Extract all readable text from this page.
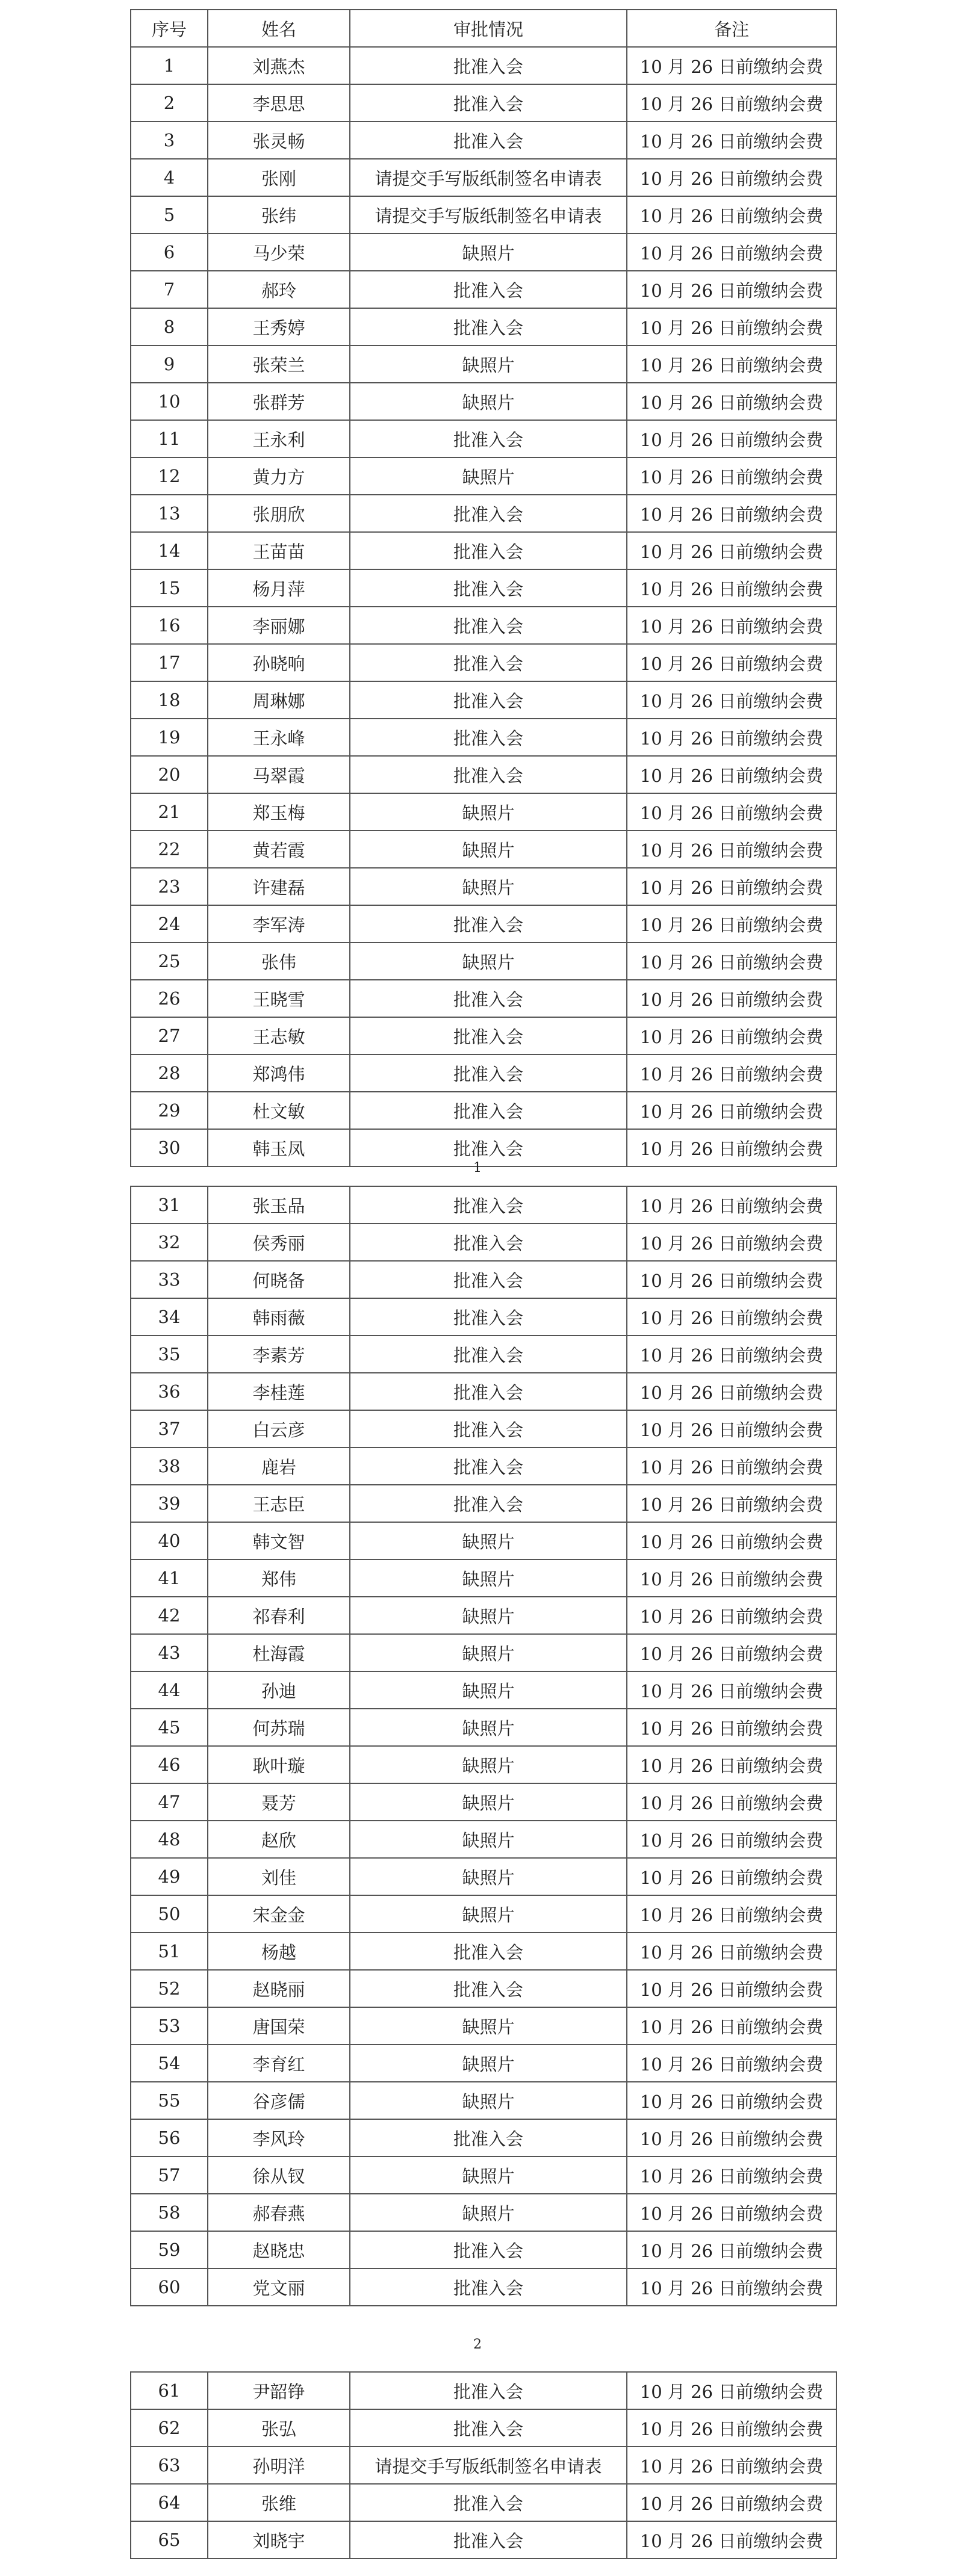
序号	姓名	审批情况	备注
1	刘燕杰	批准入会	10 月 26 日前缴纳会费
2	李思思	批准入会	10 月 26 日前缴纳会费
3	张灵畅	批准入会	10 月 26 日前缴纳会费
4	张刚	请提交手写版纸制签名申请表	10 月 26 日前缴纳会费
5	张纬	请提交手写版纸制签名申请表	10 月 26 日前缴纳会费
6	马少荣	缺照片	10 月 26 日前缴纳会费
7	郝玲	批准入会	10 月 26 日前缴纳会费
8	王秀婷	批准入会	10 月 26 日前缴纳会费
9	张荣兰	缺照片	10 月 26 日前缴纳会费
10	张群芳	缺照片	10 月 26 日前缴纳会费
11	王永利	批准入会	10 月 26 日前缴纳会费
12	黄力方	缺照片	10 月 26 日前缴纳会费
13	张朋欣	批准入会	10 月 26 日前缴纳会费
14	王苗苗	批准入会	10 月 26 日前缴纳会费
15	杨月萍	批准入会	10 月 26 日前缴纳会费
16	李丽娜	批准入会	10 月 26 日前缴纳会费
17	孙晓响	批准入会	10 月 26 日前缴纳会费
18	周琳娜	批准入会	10 月 26 日前缴纳会费
19	王永峰	批准入会	10 月 26 日前缴纳会费
20	马翠霞	批准入会	10 月 26 日前缴纳会费
21	郑玉梅	缺照片	10 月 26 日前缴纳会费
22	黄若霞	缺照片	10 月 26 日前缴纳会费
23	许建磊	缺照片	10 月 26 日前缴纳会费
24	李军涛	批准入会	10 月 26 日前缴纳会费
25	张伟	缺照片	10 月 26 日前缴纳会费
26	王晓雪	批准入会	10 月 26 日前缴纳会费
27	王志敏	批准入会	10 月 26 日前缴纳会费
28	郑鸿伟	批准入会	10 月 26 日前缴纳会费
29	杜文敏	批准入会	10 月 26 日前缴纳会费
30	韩玉凤	批准入会	10 月 26 日前缴纳会费
1
31	张玉品	批准入会	10 月 26 日前缴纳会费
32	侯秀丽	批准入会	10 月 26 日前缴纳会费
33	何晓备	批准入会	10 月 26 日前缴纳会费
34	韩雨薇	批准入会	10 月 26 日前缴纳会费
35	李素芳	批准入会	10 月 26 日前缴纳会费
36	李桂莲	批准入会	10 月 26 日前缴纳会费
37	白云彦	批准入会	10 月 26 日前缴纳会费
38	鹿岩	批准入会	10 月 26 日前缴纳会费
39	王志臣	批准入会	10 月 26 日前缴纳会费
40	韩文智	缺照片	10 月 26 日前缴纳会费
41	郑伟	缺照片	10 月 26 日前缴纳会费
42	祁春利	缺照片	10 月 26 日前缴纳会费
43	杜海霞	缺照片	10 月 26 日前缴纳会费
44	孙迪	缺照片	10 月 26 日前缴纳会费
45	何苏瑞	缺照片	10 月 26 日前缴纳会费
46	耿叶璇	缺照片	10 月 26 日前缴纳会费
47	聂芳	缺照片	10 月 26 日前缴纳会费
48	赵欣	缺照片	10 月 26 日前缴纳会费
49	刘佳	缺照片	10 月 26 日前缴纳会费
50	宋金金	缺照片	10 月 26 日前缴纳会费
51	杨越	批准入会	10 月 26 日前缴纳会费
52	赵晓丽	批准入会	10 月 26 日前缴纳会费
53	唐国荣	缺照片	10 月 26 日前缴纳会费
54	李育红	缺照片	10 月 26 日前缴纳会费
55	谷彦儒	缺照片	10 月 26 日前缴纳会费
56	李风玲	批准入会	10 月 26 日前缴纳会费
57	徐从钗	缺照片	10 月 26 日前缴纳会费
58	郝春燕	缺照片	10 月 26 日前缴纳会费
59	赵晓忠	批准入会	10 月 26 日前缴纳会费
60	党文丽	批准入会	10 月 26 日前缴纳会费
2
61	尹韶铮	批准入会	10 月 26 日前缴纳会费
62	张弘	批准入会	10 月 26 日前缴纳会费
63	孙明洋	请提交手写版纸制签名申请表	10 月 26 日前缴纳会费
64	张维	批准入会	10 月 26 日前缴纳会费
65	刘晓宇	批准入会	10 月 26 日前缴纳会费
